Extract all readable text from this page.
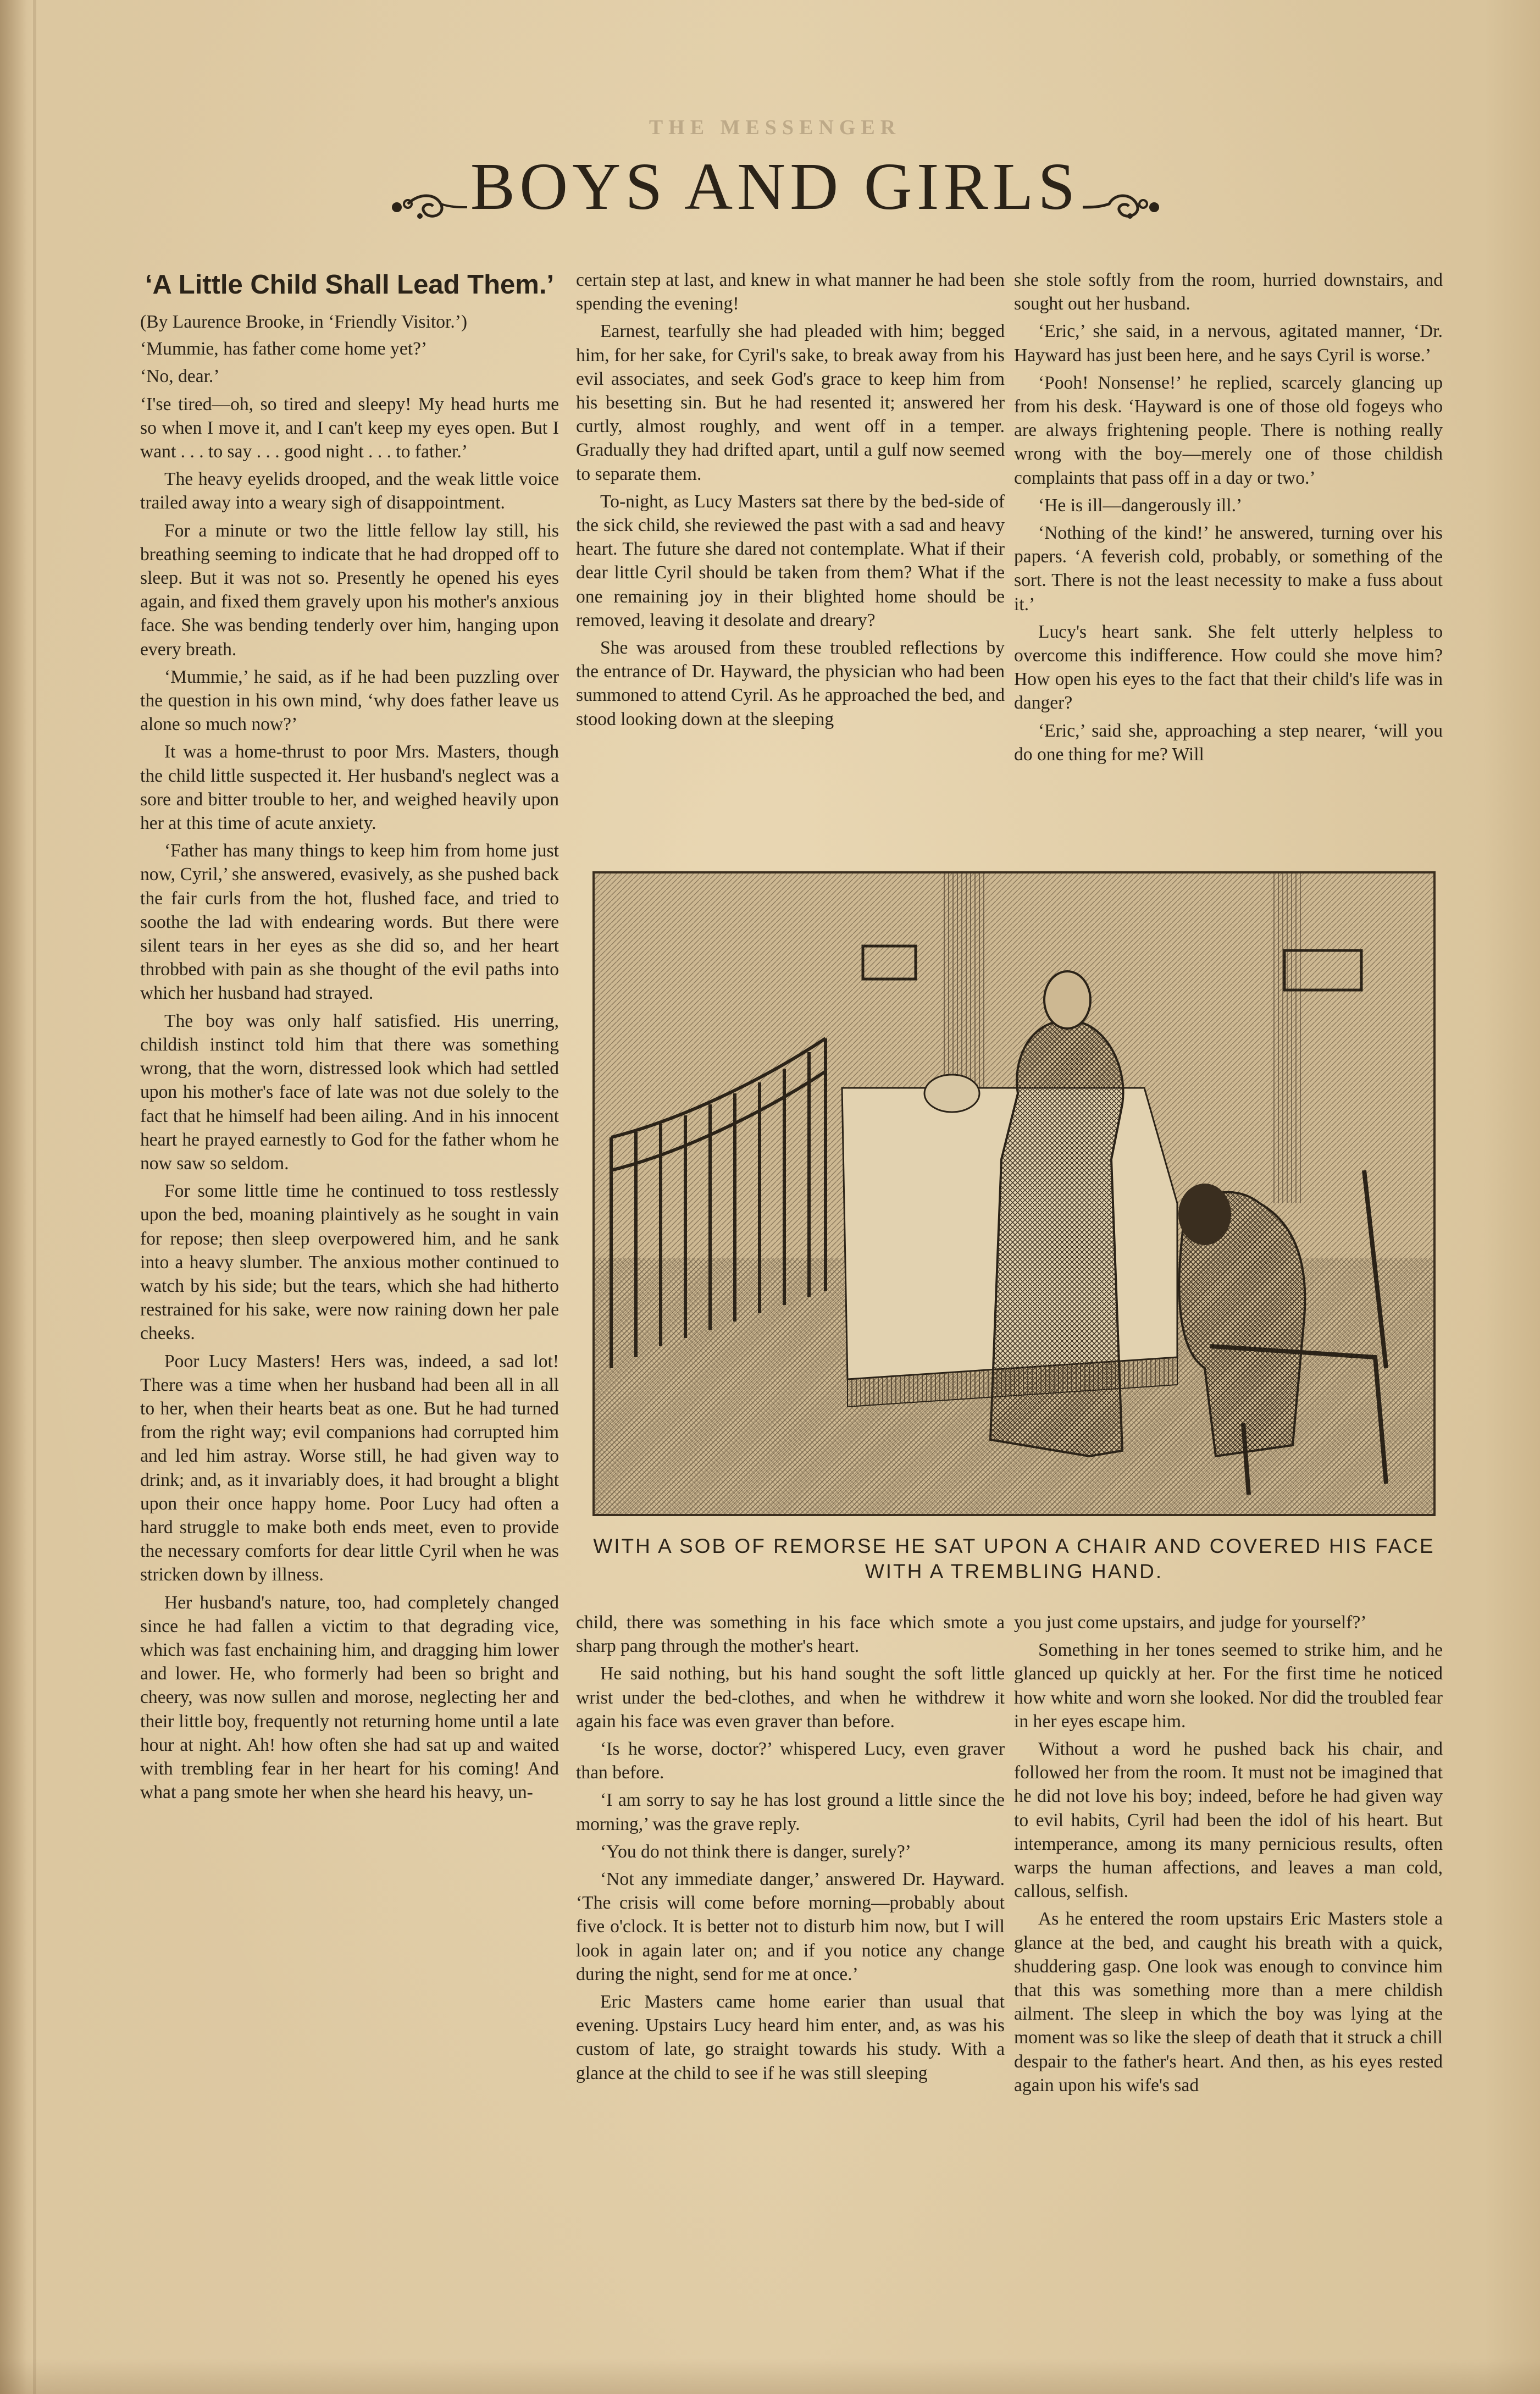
THE MESSENGER
BOYS AND GIRLS
‘A Little Child Shall Lead Them.’

(By Laurence Brooke, in ‘Friendly Visitor.’)

‘Mummie, has father come home yet?’

‘No, dear.’

‘I'se tired—oh, so tired and sleepy! My head hurts me so when I move it, and I can't keep my eyes open. But I want . . . to say . . . good night . . . to father.’

The heavy eyelids drooped, and the weak little voice trailed away into a weary sigh of disappointment.

For a minute or two the little fellow lay still, his breathing seeming to indicate that he had dropped off to sleep. But it was not so. Presently he opened his eyes again, and fixed them gravely upon his mother's anxious face. She was bending tenderly over him, hanging upon every breath.

‘Mummie,’ he said, as if he had been puzzling over the question in his own mind, ‘why does father leave us alone so much now?’

It was a home-thrust to poor Mrs. Masters, though the child little suspected it. Her husband's neglect was a sore and bitter trouble to her, and weighed heavily upon her at this time of acute anxiety.

‘Father has many things to keep him from home just now, Cyril,’ she answered, evasively, as she pushed back the fair curls from the hot, flushed face, and tried to soothe the lad with endearing words. But there were silent tears in her eyes as she did so, and her heart throbbed with pain as she thought of the evil paths into which her husband had strayed.

The boy was only half satisfied. His unerring, childish instinct told him that there was something wrong, that the worn, distressed look which had settled upon his mother's face of late was not due solely to the fact that he himself had been ailing. And in his innocent heart he prayed earnestly to God for the father whom he now saw so seldom.

For some little time he continued to toss restlessly upon the bed, moaning plaintively as he sought in vain for repose; then sleep overpowered him, and he sank into a heavy slumber. The anxious mother continued to watch by his side; but the tears, which she had hitherto restrained for his sake, were now raining down her pale cheeks.

Poor Lucy Masters! Hers was, indeed, a sad lot! There was a time when her husband had been all in all to her, when their hearts beat as one. But he had turned from the right way; evil companions had corrupted him and led him astray. Worse still, he had given way to drink; and, as it invariably does, it had brought a blight upon their once happy home. Poor Lucy had often a hard struggle to make both ends meet, even to provide the necessary comforts for dear little Cyril when he was stricken down by illness.

Her husband's nature, too, had completely changed since he had fallen a victim to that degrading vice, which was fast enchaining him, and dragging him lower and lower. He, who formerly had been so bright and cheery, was now sullen and morose, neglecting her and their little boy, frequently not returning home until a late hour at night. Ah! how often she had sat up and waited with trembling fear in her heart for his coming! And what a pang smote her when she heard his heavy, un-

certain step at last, and knew in what manner he had been spending the evening!

Earnest, tearfully she had pleaded with him; begged him, for her sake, for Cyril's sake, to break away from his evil associates, and seek God's grace to keep him from his besetting sin. But he had resented it; answered her curtly, almost roughly, and went off in a temper. Gradually they had drifted apart, until a gulf now seemed to separate them.

To-night, as Lucy Masters sat there by the bed-side of the sick child, she reviewed the past with a sad and heavy heart. The future she dared not contemplate. What if their dear little Cyril should be taken from them? What if the one remaining joy in their blighted home should be removed, leaving it desolate and dreary?

She was aroused from these troubled reflections by the entrance of Dr. Hayward, the physician who had been summoned to attend Cyril. As he approached the bed, and stood looking down at the sleeping

she stole softly from the room, hurried downstairs, and sought out her husband.

‘Eric,’ she said, in a nervous, agitated manner, ‘Dr. Hayward has just been here, and he says Cyril is worse.’

‘Pooh! Nonsense!’ he replied, scarcely glancing up from his desk. ‘Hayward is one of those old fogeys who are always frightening people. There is nothing really wrong with the boy—merely one of those childish complaints that pass off in a day or two.’

‘He is ill—dangerously ill.’

‘Nothing of the kind!’ he answered, turning over his papers. ‘A feverish cold, probably, or something of the sort. There is not the least necessity to make a fuss about it.’

Lucy's heart sank. She felt utterly helpless to overcome this indifference. How could she move him? How open his eyes to the fact that their child's life was in danger?

‘Eric,’ said she, approaching a step nearer, ‘will you do one thing for me? Will

WITH A SOB OF REMORSE HE SAT UPON A CHAIR AND COVERED HIS FACE WITH A TREMBLING HAND.

child, there was something in his face which smote a sharp pang through the mother's heart.

He said nothing, but his hand sought the soft little wrist under the bed-clothes, and when he withdrew it again his face was even graver than before.

‘Is he worse, doctor?’ whispered Lucy, even graver than before.

‘I am sorry to say he has lost ground a little since the morning,’ was the grave reply.

‘You do not think there is danger, surely?’

‘Not any immediate danger,’ answered Dr. Hayward. ‘The crisis will come before morning—probably about five o'clock. It is better not to disturb him now, but I will look in again later on; and if you notice any change during the night, send for me at once.’

Eric Masters came home earier than usual that evening. Upstairs Lucy heard him enter, and, as was his custom of late, go straight towards his study. With a glance at the child to see if he was still sleeping

you just come upstairs, and judge for yourself?’

Something in her tones seemed to strike him, and he glanced up quickly at her. For the first time he noticed how white and worn she looked. Nor did the troubled fear in her eyes escape him.

Without a word he pushed back his chair, and followed her from the room. It must not be imagined that he did not love his boy; indeed, before he had given way to evil habits, Cyril had been the idol of his heart. But intemperance, among its many pernicious results, often warps the human affections, and leaves a man cold, callous, selfish.

As he entered the room upstairs Eric Masters stole a glance at the bed, and caught his breath with a quick, shuddering gasp. One look was enough to convince him that this was something more than a mere childish ailment. The sleep in which the boy was lying at the moment was so like the sleep of death that it struck a chill despair to the father's heart. And then, as his eyes rested again upon his wife's sad
